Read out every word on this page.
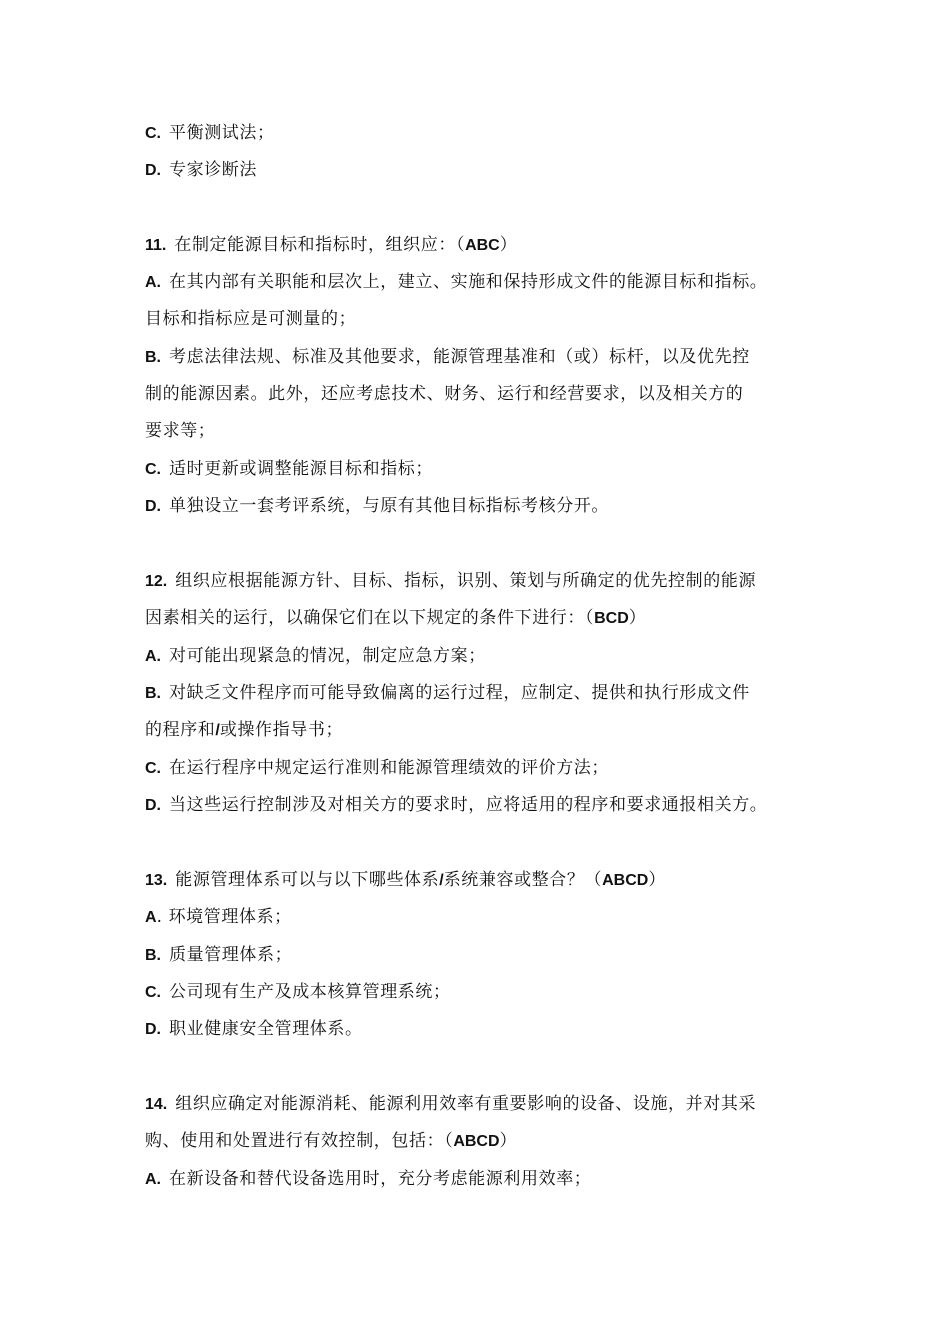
C. 平衡测试法；
D. 专家诊断法
11. 在制定能源目标和指标时，组织应：（ABC）
A. 在其内部有关职能和层次上，建立、实施和保持形成文件的能源目标和指标。
目标和指标应是可测量的；
B. 考虑法律法规、标准及其他要求，能源管理基准和（或）标杆，以及优先控
制的能源因素。此外，还应考虑技术、财务、运行和经营要求，以及相关方的
要求等；
C. 适时更新或调整能源目标和指标；
D. 单独设立一套考评系统，与原有其他目标指标考核分开。
12. 组织应根据能源方针、目标、指标，识别、策划与所确定的优先控制的能源
因素相关的运行，以确保它们在以下规定的条件下进行：（BCD）
A. 对可能出现紧急的情况，制定应急方案；
B. 对缺乏文件程序而可能导致偏离的运行过程，应制定、提供和执行形成文件
的程序和/或操作指导书；
C. 在运行程序中规定运行准则和能源管理绩效的评价方法；
D. 当这些运行控制涉及对相关方的要求时，应将适用的程序和要求通报相关方。
13. 能源管理体系可以与以下哪些体系/系统兼容或整合？（ABCD）
A. 环境管理体系；
B. 质量管理体系；
C. 公司现有生产及成本核算管理系统；
D. 职业健康安全管理体系。
14. 组织应确定对能源消耗、能源利用效率有重要影响的设备、设施，并对其采
购、使用和处置进行有效控制，包括：（ABCD）
A. 在新设备和替代设备选用时，充分考虑能源利用效率；
